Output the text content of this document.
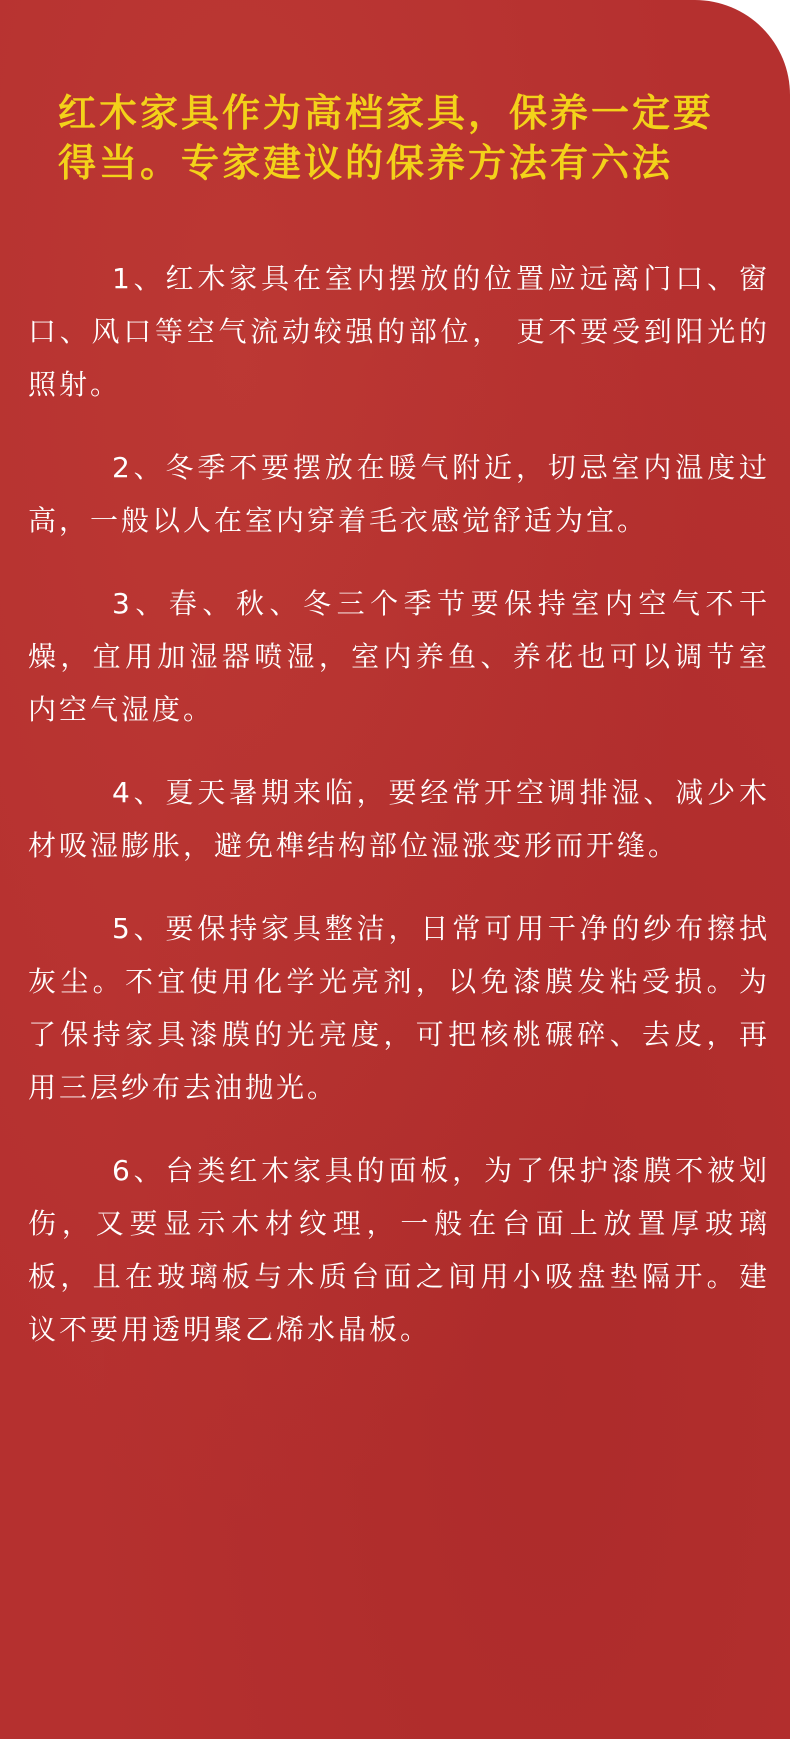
红木家具作为高档家具，保养一定要
得当。专家建议的保养方法有六法

1、红木家具在室内摆放的位置应远离门口、窗口、风口等空气流动较强的部位， 更不要受到阳光的照射。

2、冬季不要摆放在暖气附近，切忌室内温度过高，一般以人在室内穿着毛衣感觉舒适为宜。

3、春、秋、冬三个季节要保持室内空气不干燥，宜用加湿器喷湿，室内养鱼、养花也可以调节室内空气湿度。

4、夏天暑期来临，要经常开空调排湿、减少木材吸湿膨胀，避免榫结构部位湿涨变形而开缝。

5、要保持家具整洁，日常可用干净的纱布擦拭灰尘。不宜使用化学光亮剂，以免漆膜发粘受损。为了保持家具漆膜的光亮度，可把核桃碾碎、去皮，再用三层纱布去油抛光。

6、台类红木家具的面板，为了保护漆膜不被划伤，又要显示木材纹理，一般在台面上放置厚玻璃板，且在玻璃板与木质台面之间用小吸盘垫隔开。建议不要用透明聚乙烯水晶板。
